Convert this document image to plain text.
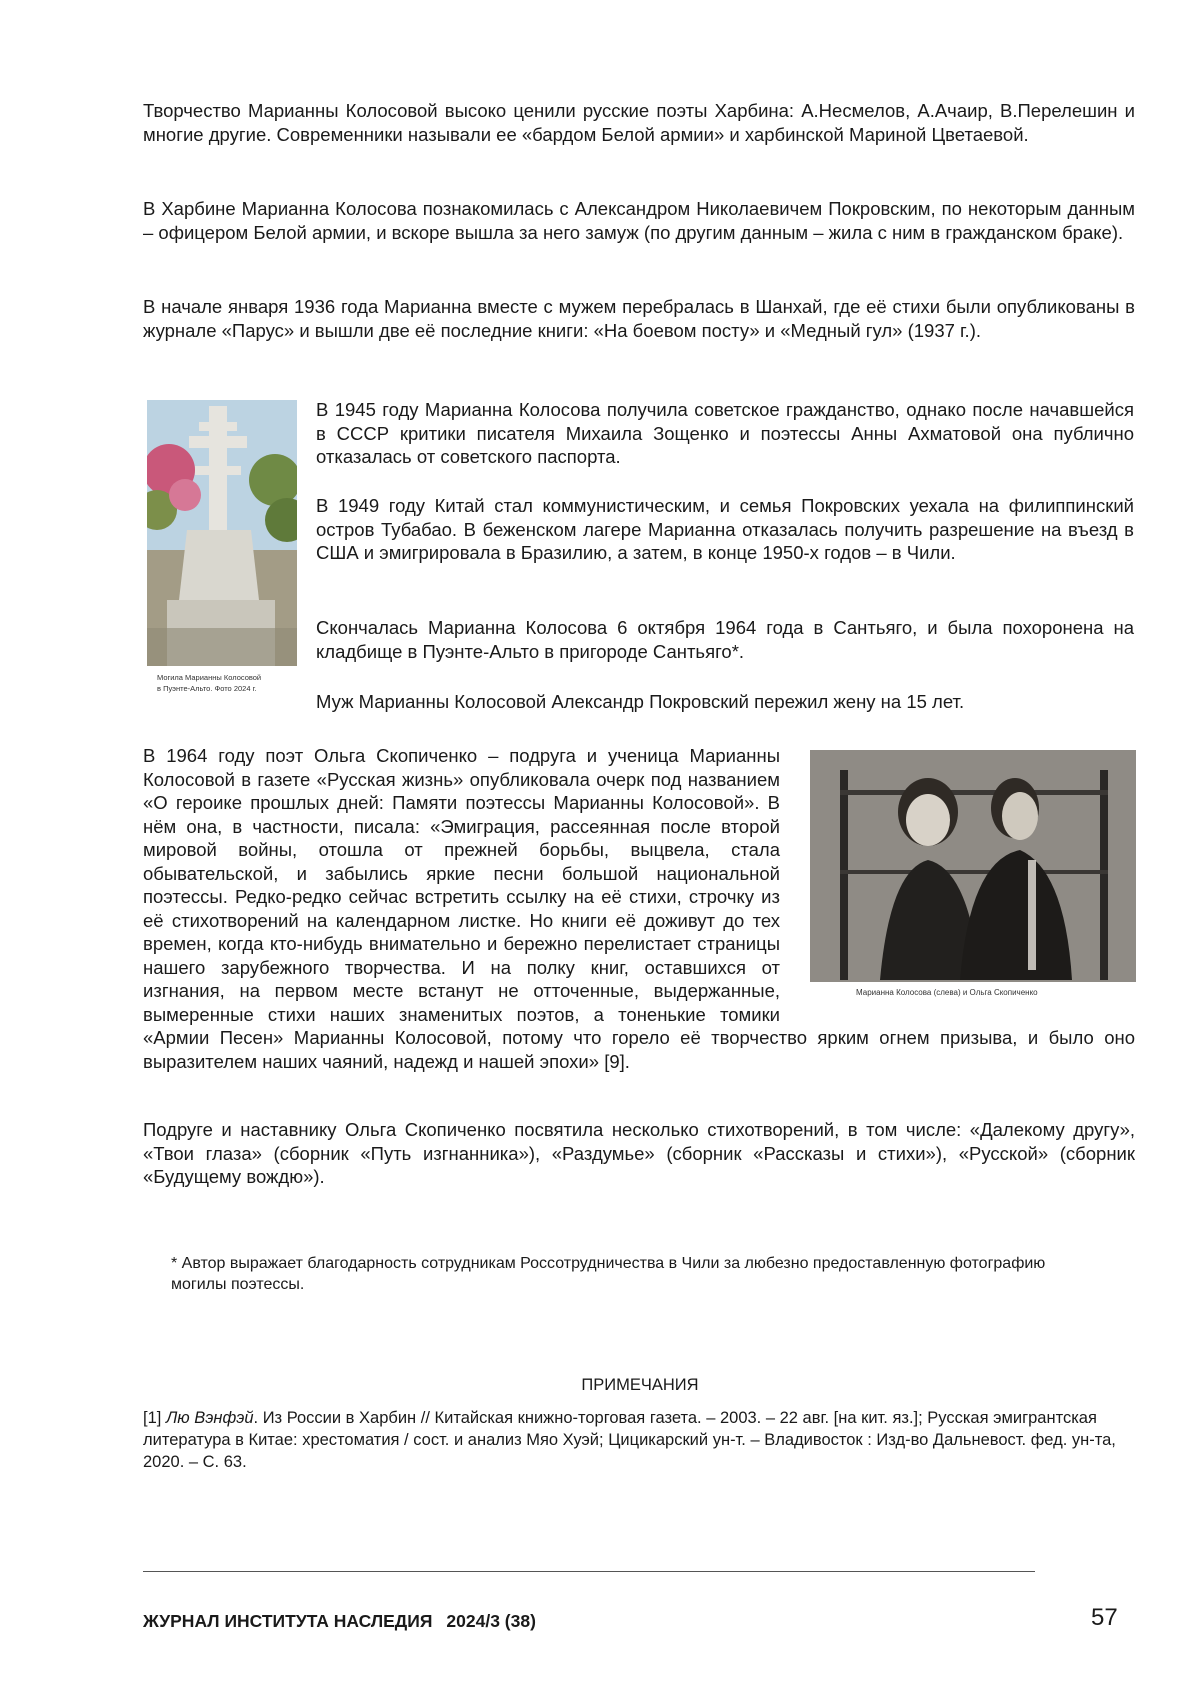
Творчество Марианны Колосовой высоко ценили русские поэты Харбина: А.Несмелов, А.Ачаир, В.Перелешин и многие другие. Современники называли ее «бардом Белой армии» и харбинской Мариной Цветаевой.

В Харбине Марианна Колосова познакомилась с Александром Николаевичем Покровским, по некоторым данным – офицером Белой армии, и вскоре вышла за него замуж (по другим данным – жила с ним в гражданском браке).

В начале января 1936 года Марианна вместе с мужем перебралась в Шанхай, где её стихи были опубликованы в журнале «Парус» и вышли две её последние книги: «На боевом посту» и «Медный гул» (1937 г.).

Могила Марианны Колосовой
в Пуэнте-Альто. Фото 2024 г.

В 1945 году Марианна Колосова получила советское гражданство, однако после начавшейся в СССР критики писателя Михаила Зощенко и поэтессы Анны Ахматовой она публично отказалась от советского паспорта.

В 1949 году Китай стал коммунистическим, и семья Покровских уехала на филиппинский остров Тубабао. В беженском лагере Марианна отказалась получить разрешение на въезд в США и эмигрировала в Бразилию, а затем, в конце 1950-х годов – в Чили.

Скончалась Марианна Колосова 6 октября 1964 года в Сантьяго, и была похоронена на кладбище в Пуэнте-Альто в пригороде Сантьяго*.

Муж Марианны Колосовой Александр Покровский пережил жену на 15 лет.

В 1964 году поэт Ольга Скопиченко – подруга и ученица Марианны Колосовой в газете «Русская жизнь» опубликовала очерк под названием «О героике прошлых дней: Памяти поэтессы Марианны Колосовой». В нём она, в частности, писала: «Эмиграция, рассеянная после второй мировой войны, отошла от прежней борьбы, выцвела, стала обывательской, и забылись яркие песни большой национальной поэтессы. Редко-редко сейчас встретить ссылку на её стихи, строчку из её стихотворений на календарном листке. Но книги её доживут до тех времен, когда кто-нибудь внимательно и бережно перелистает страницы нашего зарубежного творчества. И на полку книг, оставшихся от изгнания, на первом месте встанут не отточенные, выдержанные, вымеренные стихи наших знаменитых поэтов, а тоненькие томики «Армии Песен» Марианны Колосовой, потому что горело её творчество ярким огнем призыва, и было оно выразителем наших чаяний, надежд и нашей эпохи» [9].

Марианна Колосова (слева) и Ольга Скопиченко

Подруге и наставнику Ольга Скопиченко посвятила несколько стихотворений, в том числе: «Далекому другу», «Твои глаза» (сборник «Путь изгнанника»), «Раздумье» (сборник «Рассказы и стихи»), «Русской» (сборник «Будущему вождю»).

* Автор выражает благодарность сотрудникам Россотрудничества в Чили за любезно предоставленную фотографию могилы поэтессы.

ПРИМЕЧАНИЯ

[1] Лю Вэнфэй. Из России в Харбин // Китайская книжно-торговая газета. – 2003. – 22 авг. [на кит. яз.]; Русская эмигрантская литература в Китае: хрестоматия / сост. и анализ Мяо Хуэй; Цицикарский ун-т. – Владивосток : Изд-во Дальневост. фед. ун-та, 2020. – С. 63.

ЖУРНАЛ ИНСТИТУТА НАСЛЕДИЯ 2024/3 (38)	57
